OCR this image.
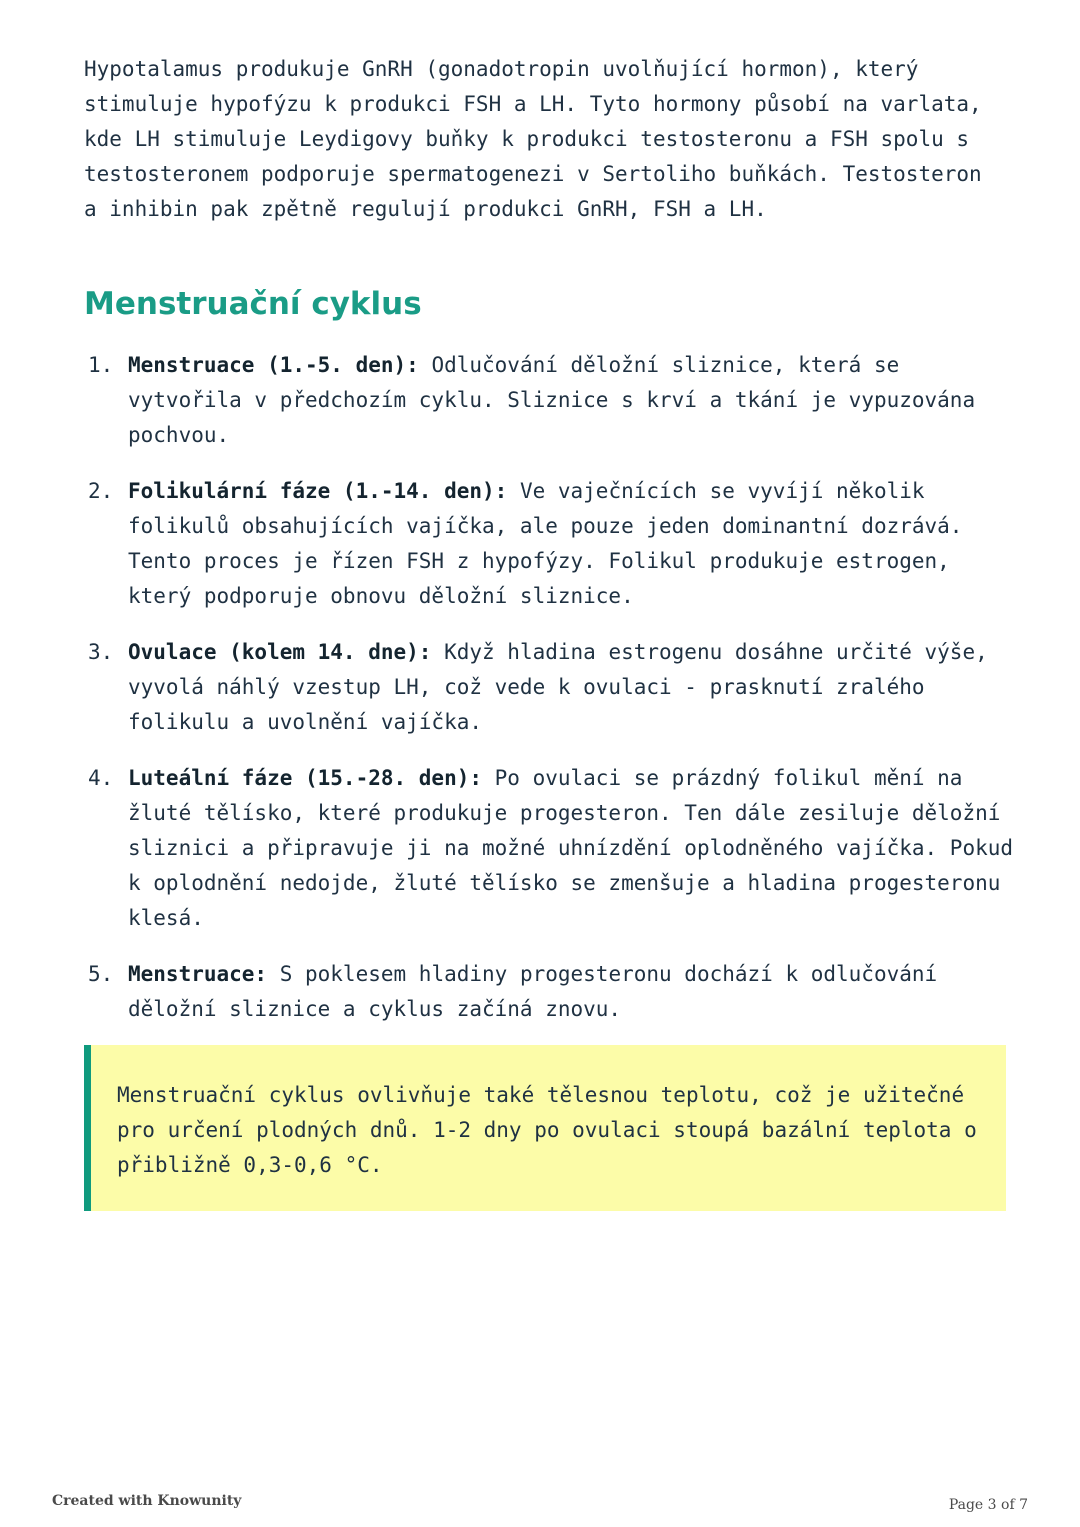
Hypotalamus produkuje GnRH (gonadotropin uvolňující hormon), který stimuluje hypofýzu k produkci FSH a LH. Tyto hormony působí na varlata, kde LH stimuluje Leydigovy buňky k produkci testosteronu a FSH spolu s testosteronem podporuje spermatogenezi v Sertoliho buňkách. Testosteron a inhibin pak zpětně regulují produkci GnRH, FSH a LH.

Menstruační cyklus
1. Menstruace (1.-5. den): Odlučování děložní sliznice, která se vytvořila v předchozím cyklu. Sliznice s krví a tkání je vypuzována pochvou.
2. Folikulární fáze (1.-14. den): Ve vaječnících se vyvíjí několik folikulů obsahujících vajíčka, ale pouze jeden dominantní dozrává. Tento proces je řízen FSH z hypofýzy. Folikul produkuje estrogen, který podporuje obnovu děložní sliznice.
3. Ovulace (kolem 14. dne): Když hladina estrogenu dosáhne určité výše, vyvolá náhlý vzestup LH, což vede k ovulaci - prasknutí zralého folikulu a uvolnění vajíčka.
4. Luteální fáze (15.-28. den): Po ovulaci se prázdný folikul mění na žluté tělísko, které produkuje progesteron. Ten dále zesiluje děložní sliznici a připravuje ji na možné uhnízdění oplodněného vajíčka. Pokud k oplodnění nedojde, žluté tělísko se zmenšuje a hladina progesteronu klesá.
5. Menstruace: S poklesem hladiny progesteronu dochází k odlučování děložní sliznice a cyklus začíná znovu.

Menstruační cyklus ovlivňuje také tělesnou teplotu, což je užitečné pro určení plodných dnů. 1-2 dny po ovulaci stoupá bazální teplota o přibližně 0,3-0,6 °C.

Created with Knowunity	Page 3 of 7
